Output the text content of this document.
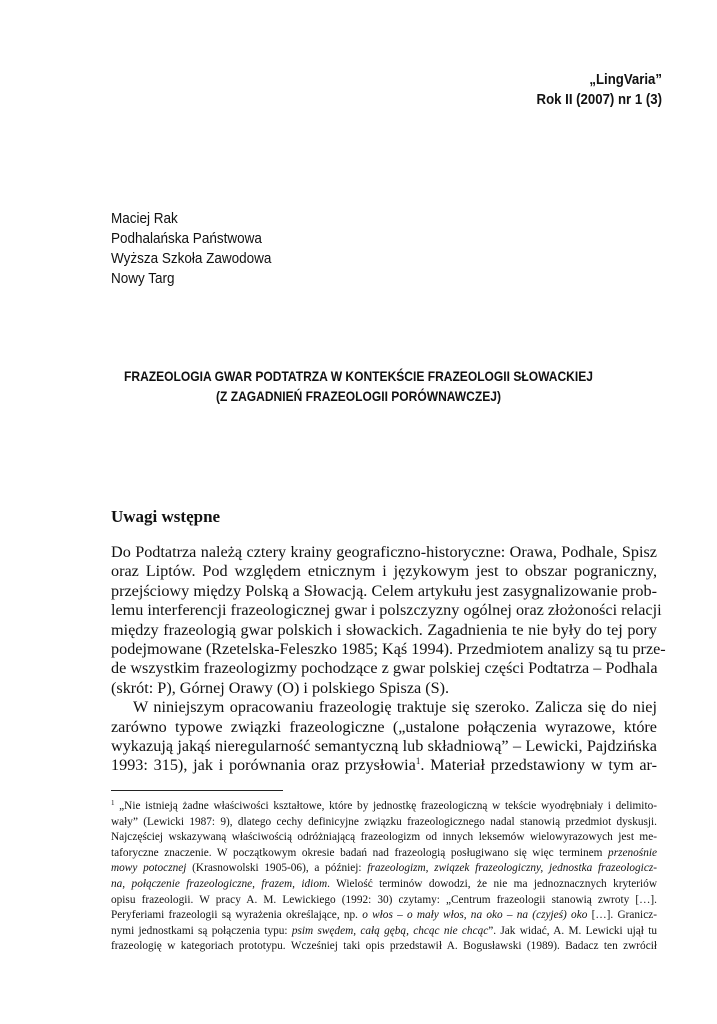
„LingVaria”
Rok II (2007) nr 1 (3)
Maciej Rak
Podhalańska Państwowa
Wyższa Szkoła Zawodowa
Nowy Targ
FRAZEOLOGIA GWAR PODTATRZA W KONTEKŚCIE FRAZEOLOGII SŁOWACKIEJ
(Z ZAGADNIEŃ FRAZEOLOGII PORÓWNAWCZEJ)
Uwagi wstępne
Do Podtatrza należą cztery krainy geograficzno-historyczne: Orawa, Podhale, Spisz
oraz Liptów. Pod względem etnicznym i językowym jest to obszar pograniczny,
przejściowy między Polską a Słowacją. Celem artykułu jest zasygnalizowanie prob-
lemu interferencji frazeologicznej gwar i polszczyzny ogólnej oraz złożoności relacji
między frazeologią gwar polskich i słowackich. Zagadnienia te nie były do tej pory
podejmowane (Rzetelska-Feleszko 1985; Kąś 1994). Przedmiotem analizy są tu prze-
de wszystkim frazeologizmy pochodzące z gwar polskiej części Podtatrza – Podhala
(skrót: P), Górnej Orawy (O) i polskiego Spisza (S).
W niniejszym opracowaniu frazeologię traktuje się szeroko. Zalicza się do niej
zarówno typowe związki frazeologiczne („ustalone połączenia wyrazowe, które
wykazują jakąś nieregularność semantyczną lub składniową” – Lewicki, Pajdzińska
1993: 315), jak i porównania oraz przysłowia$^1$. Materiał przedstawiony w tym ar-
$^1$ „Nie istnieją żadne właściwości kształtowe, które by jednostkę frazeologiczną w tekście wyodrębniały i delimito-
wały” (Lewicki 1987: 9), dlatego cechy definicyjne związku frazeologicznego nadal stanowią przedmiot dyskusji.
Najczęściej wskazywaną właściwością odróżniającą frazeologizm od innych leksemów wielowyrazowych jest me-
taforyczne znaczenie. W początkowym okresie badań nad frazeologią posługiwano się więc terminem przenośnie
mowy potocznej (Krasnowolski 1905-06), a później: frazeologizm, związek frazeologiczny, jednostka frazeologicz-
na, połączenie frazeologiczne, frazem, idiom. Wielość terminów dowodzi, że nie ma jednoznacznych kryteriów
opisu frazeologii. W pracy A. M. Lewickiego (1992: 30) czytamy: „Centrum frazeologii stanowią zwroty […].
Peryferiami frazeologii są wyrażenia określające, np. o włos – o mały włos, na oko – na (czyjeś) oko […]. Granicz-
nymi jednostkami są połączenia typu: psim swędem, całą gębą, chcąc nie chcąc”. Jak widać, A. M. Lewicki ujął tu
frazeologię w kategoriach prototypu. Wcześniej taki opis przedstawił A. Bogusławski (1989). Badacz ten zwrócił
